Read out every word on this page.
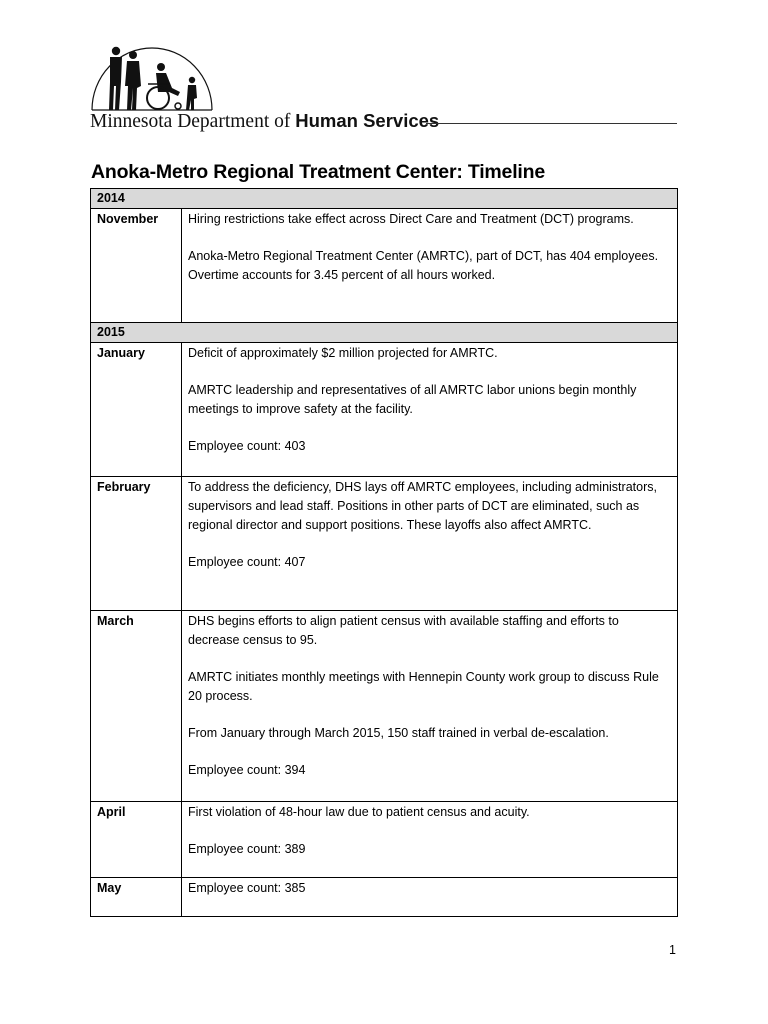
Minnesota Department of Human Services
Anoka-Metro Regional Treatment Center: Timeline
2014	
November	Hiring restrictions take effect across Direct Care and Treatment (DCT) programs.

Anoka-Metro Regional Treatment Center (AMRTC), part of DCT, has 404 employees. Overtime accounts for 3.45 percent of all hours worked.

2015	
January	Deficit of approximately $2 million projected for AMRTC.

AMRTC leadership and representatives of all AMRTC labor unions begin monthly meetings to improve safety at the facility.

Employee count: 403

February	To address the deficiency, DHS lays off AMRTC employees, including administrators, supervisors and lead staff. Positions in other parts of DCT are eliminated, such as regional director and support positions. These layoffs also affect AMRTC.

Employee count: 407

March	DHS begins efforts to align patient census with available staffing and efforts to decrease census to 95.

AMRTC initiates monthly meetings with Hennepin County work group to discuss Rule 20 process.

From January through March 2015, 150 staff trained in verbal de-escalation.

Employee count: 394

April	First violation of 48-hour law due to patient census and acuity.

Employee count: 389

May	Employee count: 385

1
